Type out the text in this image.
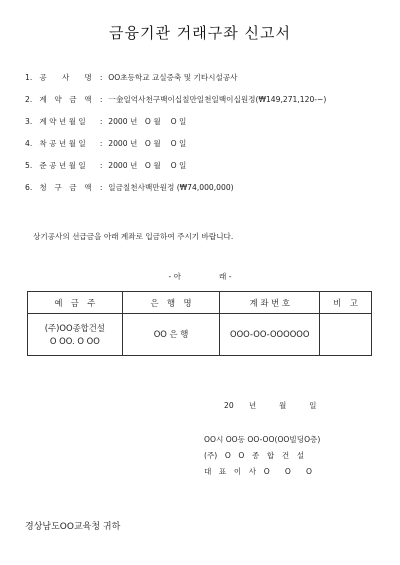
금융기관 거래구좌 신고서
1. 공　　사　　명 : OO초등학교 교실증축 및 기타시설공사
2. 계　약　금　액 : 一金일억사천구백이십칠만일천일백이십원정(₩149,271,120-−)
3. 계 약 년 월 일 : 2000 년　O 월　 O 일
4. 착 공 년 월 일 : 2000 년　O 월　 O 일
5. 준 공 년 월 일 : 2000 년　O 월　 O 일
6. 청　구　금　액 : 일금칠천사백만원정 (₩74,000,000)
상기공사의 선급금을 아래 계좌로 입금하여 주시기 바랍니다.
- 아　　　　　래 -
예　금　주	은　행　명	계 좌 번 호	비　고

(주)OO종합건설
O OO. O OO	OO 은 행	OOO-OO-OOOOOO	
20　　년　　　월　　　일
OO시 OO동 OO-OO(OO빌딩O층)
(주)　O　O　종　합　건　설
대　표　이　사　O　　O　　O
경상남도OO교육청 귀하
